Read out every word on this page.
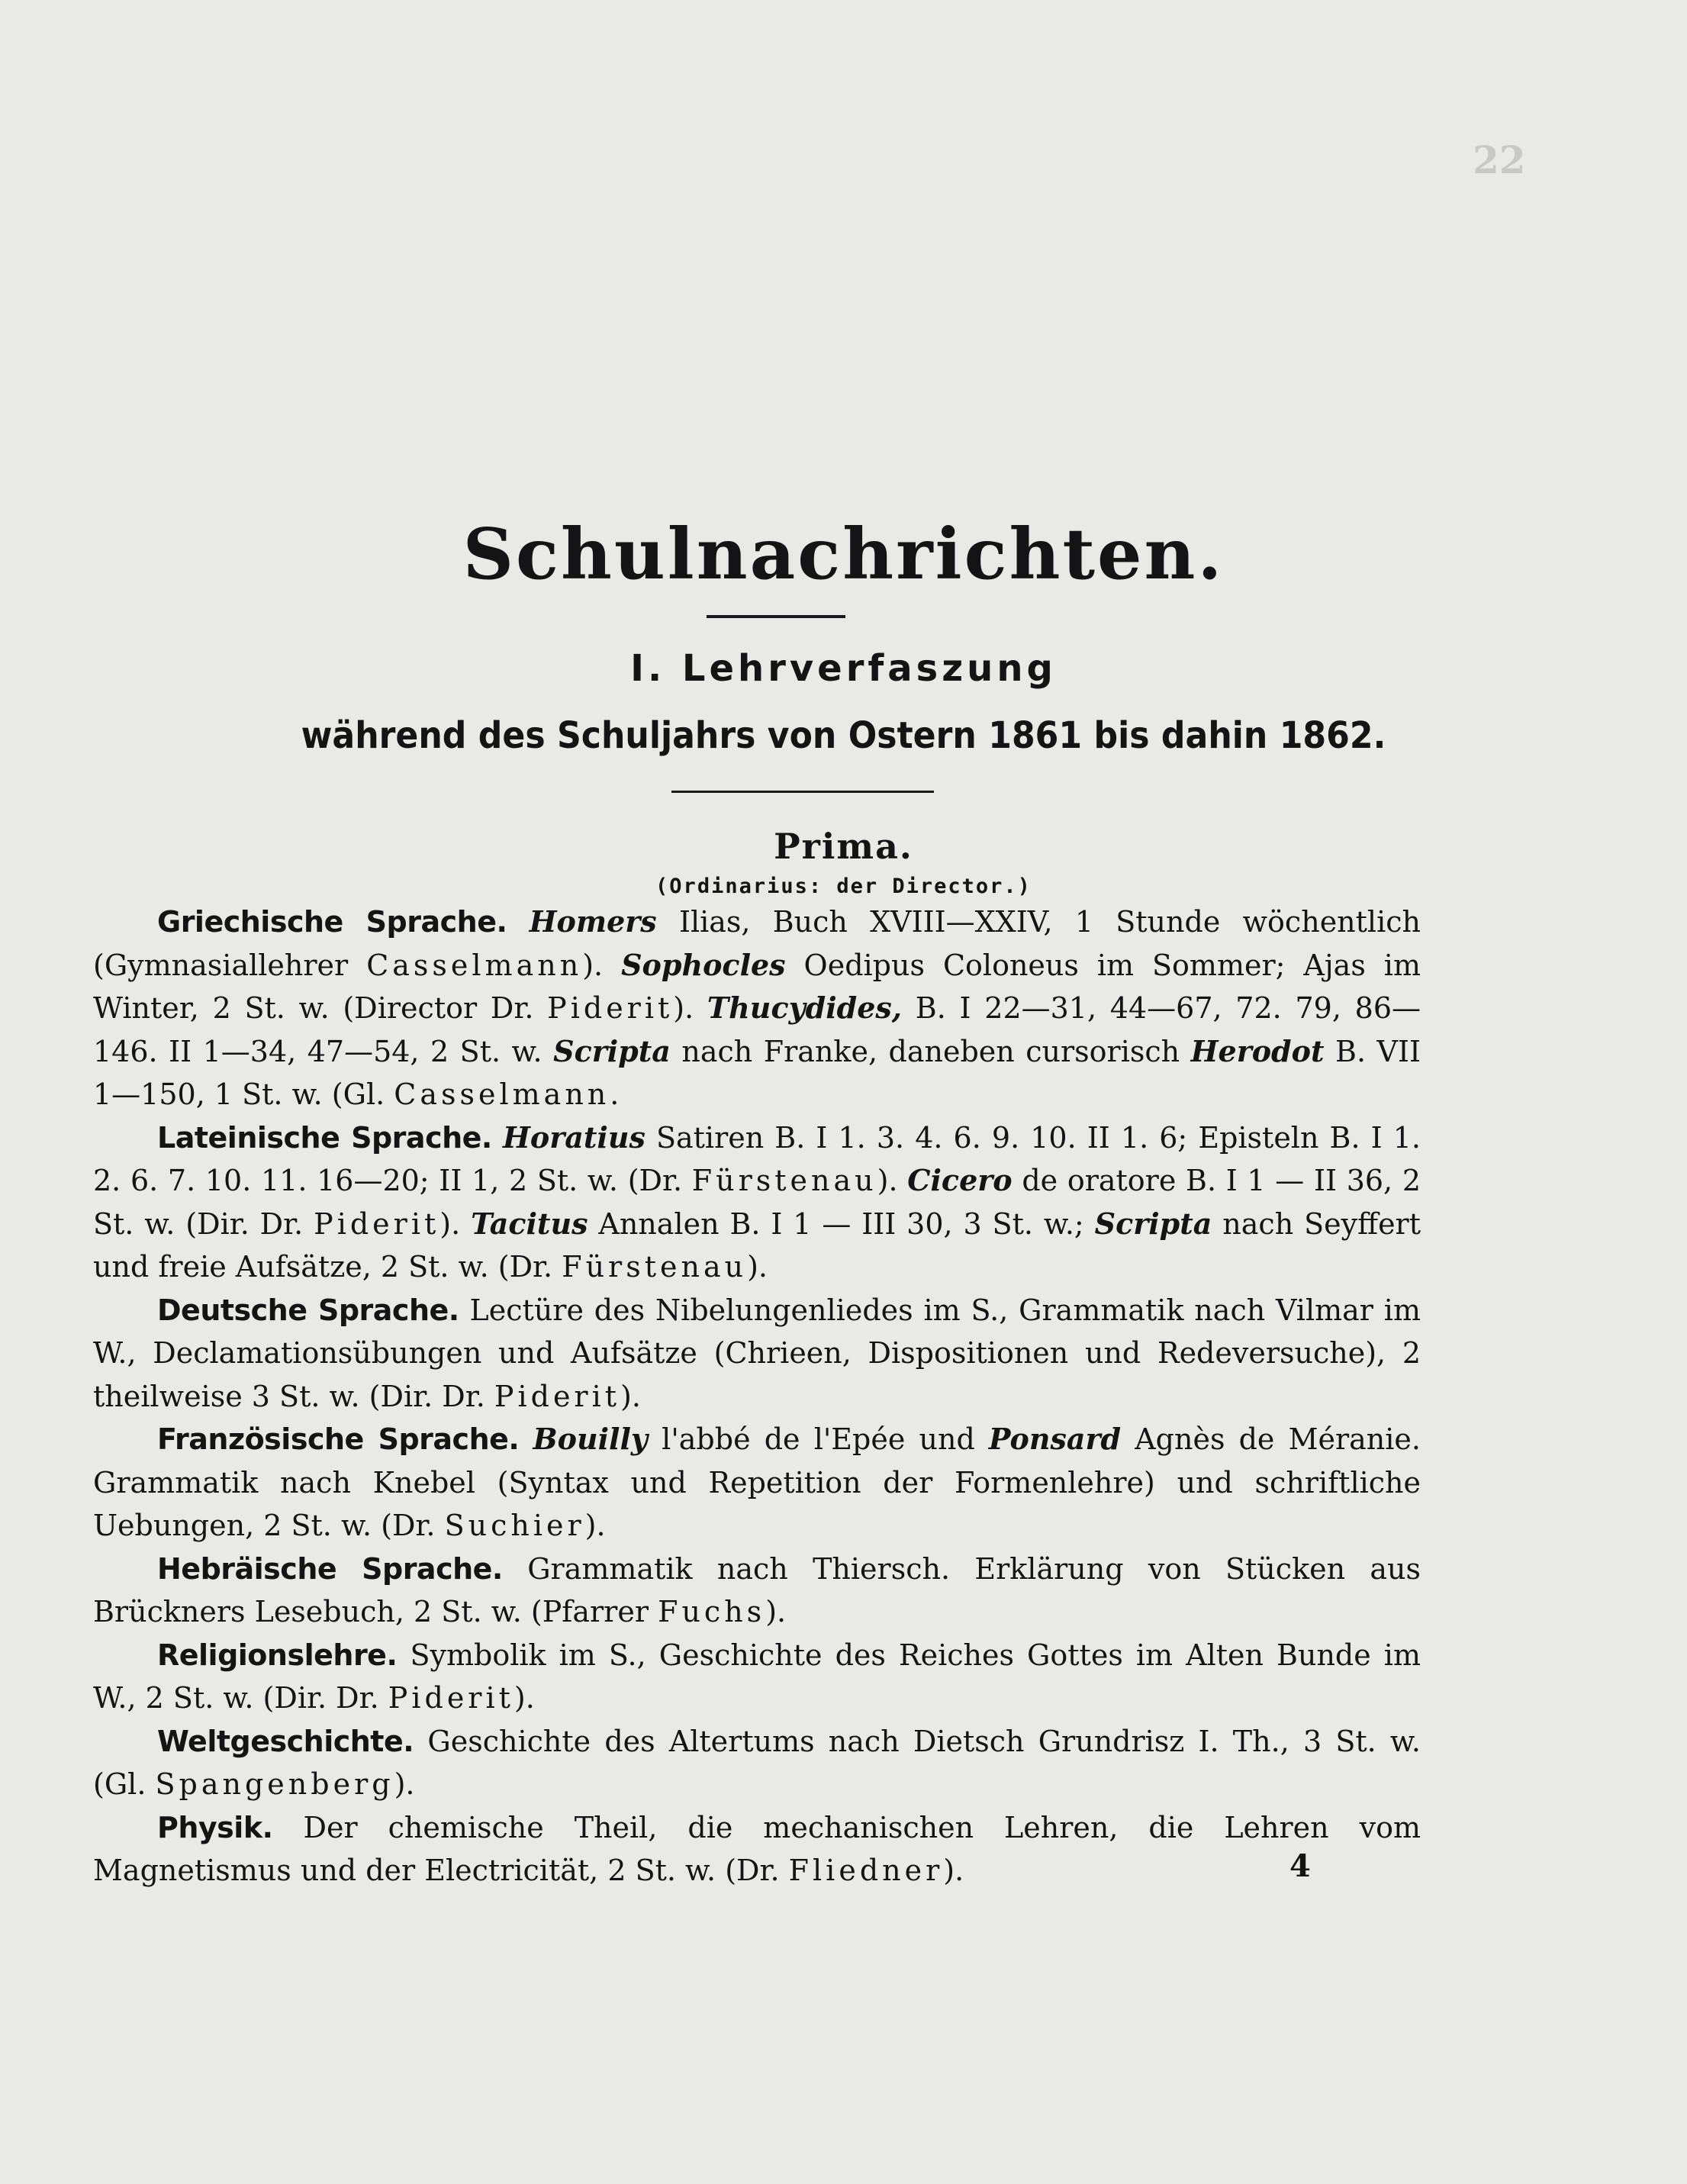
22

Schulnachrichten.
I. Lehrverfaszung
während des Schuljahrs von Ostern 1861 bis dahin 1862.
Prima.
(Ordinarius: der Director.)

Griechische Sprache. Homers Ilias, Buch XVIII—XXIV, 1 Stunde wöchentlich (Gymnasiallehrer Casselmann). Sophocles Oedipus Coloneus im Sommer; Ajas im Winter, 2 St. w. (Director Dr. Piderit). Thucydides, B. I 22—31, 44—67, 72. 79, 86—146. II 1—34, 47—54, 2 St. w. Scripta nach Franke, daneben cursorisch Herodot B. VII 1—150, 1 St. w. (Gl. Casselmann.

Lateinische Sprache. Horatius Satiren B. I 1. 3. 4. 6. 9. 10. II 1. 6; Episteln B. I 1. 2. 6. 7. 10. 11. 16—20; II 1, 2 St. w. (Dr. Fürstenau). Cicero de oratore B. I 1 — II 36, 2 St. w. (Dir. Dr. Piderit). Tacitus Annalen B. I 1 — III 30, 3 St. w.; Scripta nach Seyffert und freie Aufsätze, 2 St. w. (Dr. Fürstenau).

Deutsche Sprache. Lectüre des Nibelungenliedes im S., Grammatik nach Vilmar im W., Declamationsübungen und Aufsätze (Chrieen, Dispositionen und Redeversuche), 2 theilweise 3 St. w. (Dir. Dr. Piderit).

Französische Sprache. Bouilly l'abbé de l'Epée und Ponsard Agnès de Méranie. Grammatik nach Knebel (Syntax und Repetition der Formenlehre) und schriftliche Uebungen, 2 St. w. (Dr. Suchier).

Hebräische Sprache. Grammatik nach Thiersch. Erklärung von Stücken aus Brückners Lesebuch, 2 St. w. (Pfarrer Fuchs).

Religionslehre. Symbolik im S., Geschichte des Reiches Gottes im Alten Bunde im W., 2 St. w. (Dir. Dr. Piderit).

Weltgeschichte. Geschichte des Altertums nach Dietsch Grundrisz I. Th., 3 St. w. (Gl. Spangenberg).

Physik. Der chemische Theil, die mechanischen Lehren, die Lehren vom Magnetismus und der Electricität, 2 St. w. (Dr. Fliedner).	4
